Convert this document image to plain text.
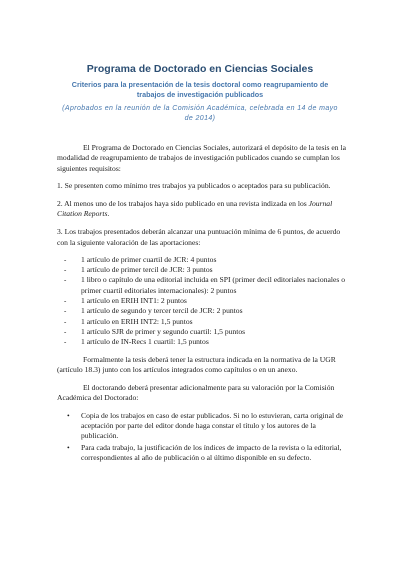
Programa de Doctorado en Ciencias Sociales
Criterios para la presentación de la tesis doctoral como reagrupamiento de trabajos de investigación publicados
(Aprobados en la reunión de la Comisión Académica, celebrada en 14 de mayo de 2014)

El Programa de Doctorado en Ciencias Sociales, autorizará el depósito de la tesis en la modalidad de reagrupamiento de trabajos de investigación publicados cuando se cumplan los siguientes requisitos:

1. Se presenten como mínimo tres trabajos ya publicados o aceptados para su publicación.

2. Al menos uno de los trabajos haya sido publicado en una revista indizada en los Journal Citation Reports.

3. Los trabajos presentados deberán alcanzar una puntuación mínima de 6 puntos, de acuerdo con la siguiente valoración de las aportaciones:

- 1 artículo de primer cuartil de JCR: 4 puntos
- 1 artículo de primer tercil de JCR: 3 puntos
- 1 libro o capítulo de una editorial incluida en SPI (primer decil editoriales nacionales o primer cuartil editoriales internacionales): 2 puntos
- 1 artículo en ERIH INT1: 2 puntos
- 1 artículo de segundo y tercer tercil de JCR: 2 puntos
- 1 artículo en ERIH INT2: 1,5 puntos
- 1 artículo SJR de primer y segundo cuartil: 1,5 puntos
- 1 artículo de IN-Recs 1 cuartil: 1,5 puntos

Formalmente la tesis deberá tener la estructura indicada en la normativa de la UGR (artículo 18.3) junto con los artículos integrados como capítulos o en un anexo.

El doctorando deberá presentar adicionalmente para su valoración por la Comisión Académica del Doctorado:

• Copia de los trabajos en caso de estar publicados. Si no lo estuvieran, carta original de aceptación por parte del editor donde haga constar el título y los autores de la publicación.
• Para cada trabajo, la justificación de los índices de impacto de la revista o la editorial, correspondientes al año de publicación o al último disponible en su defecto.
